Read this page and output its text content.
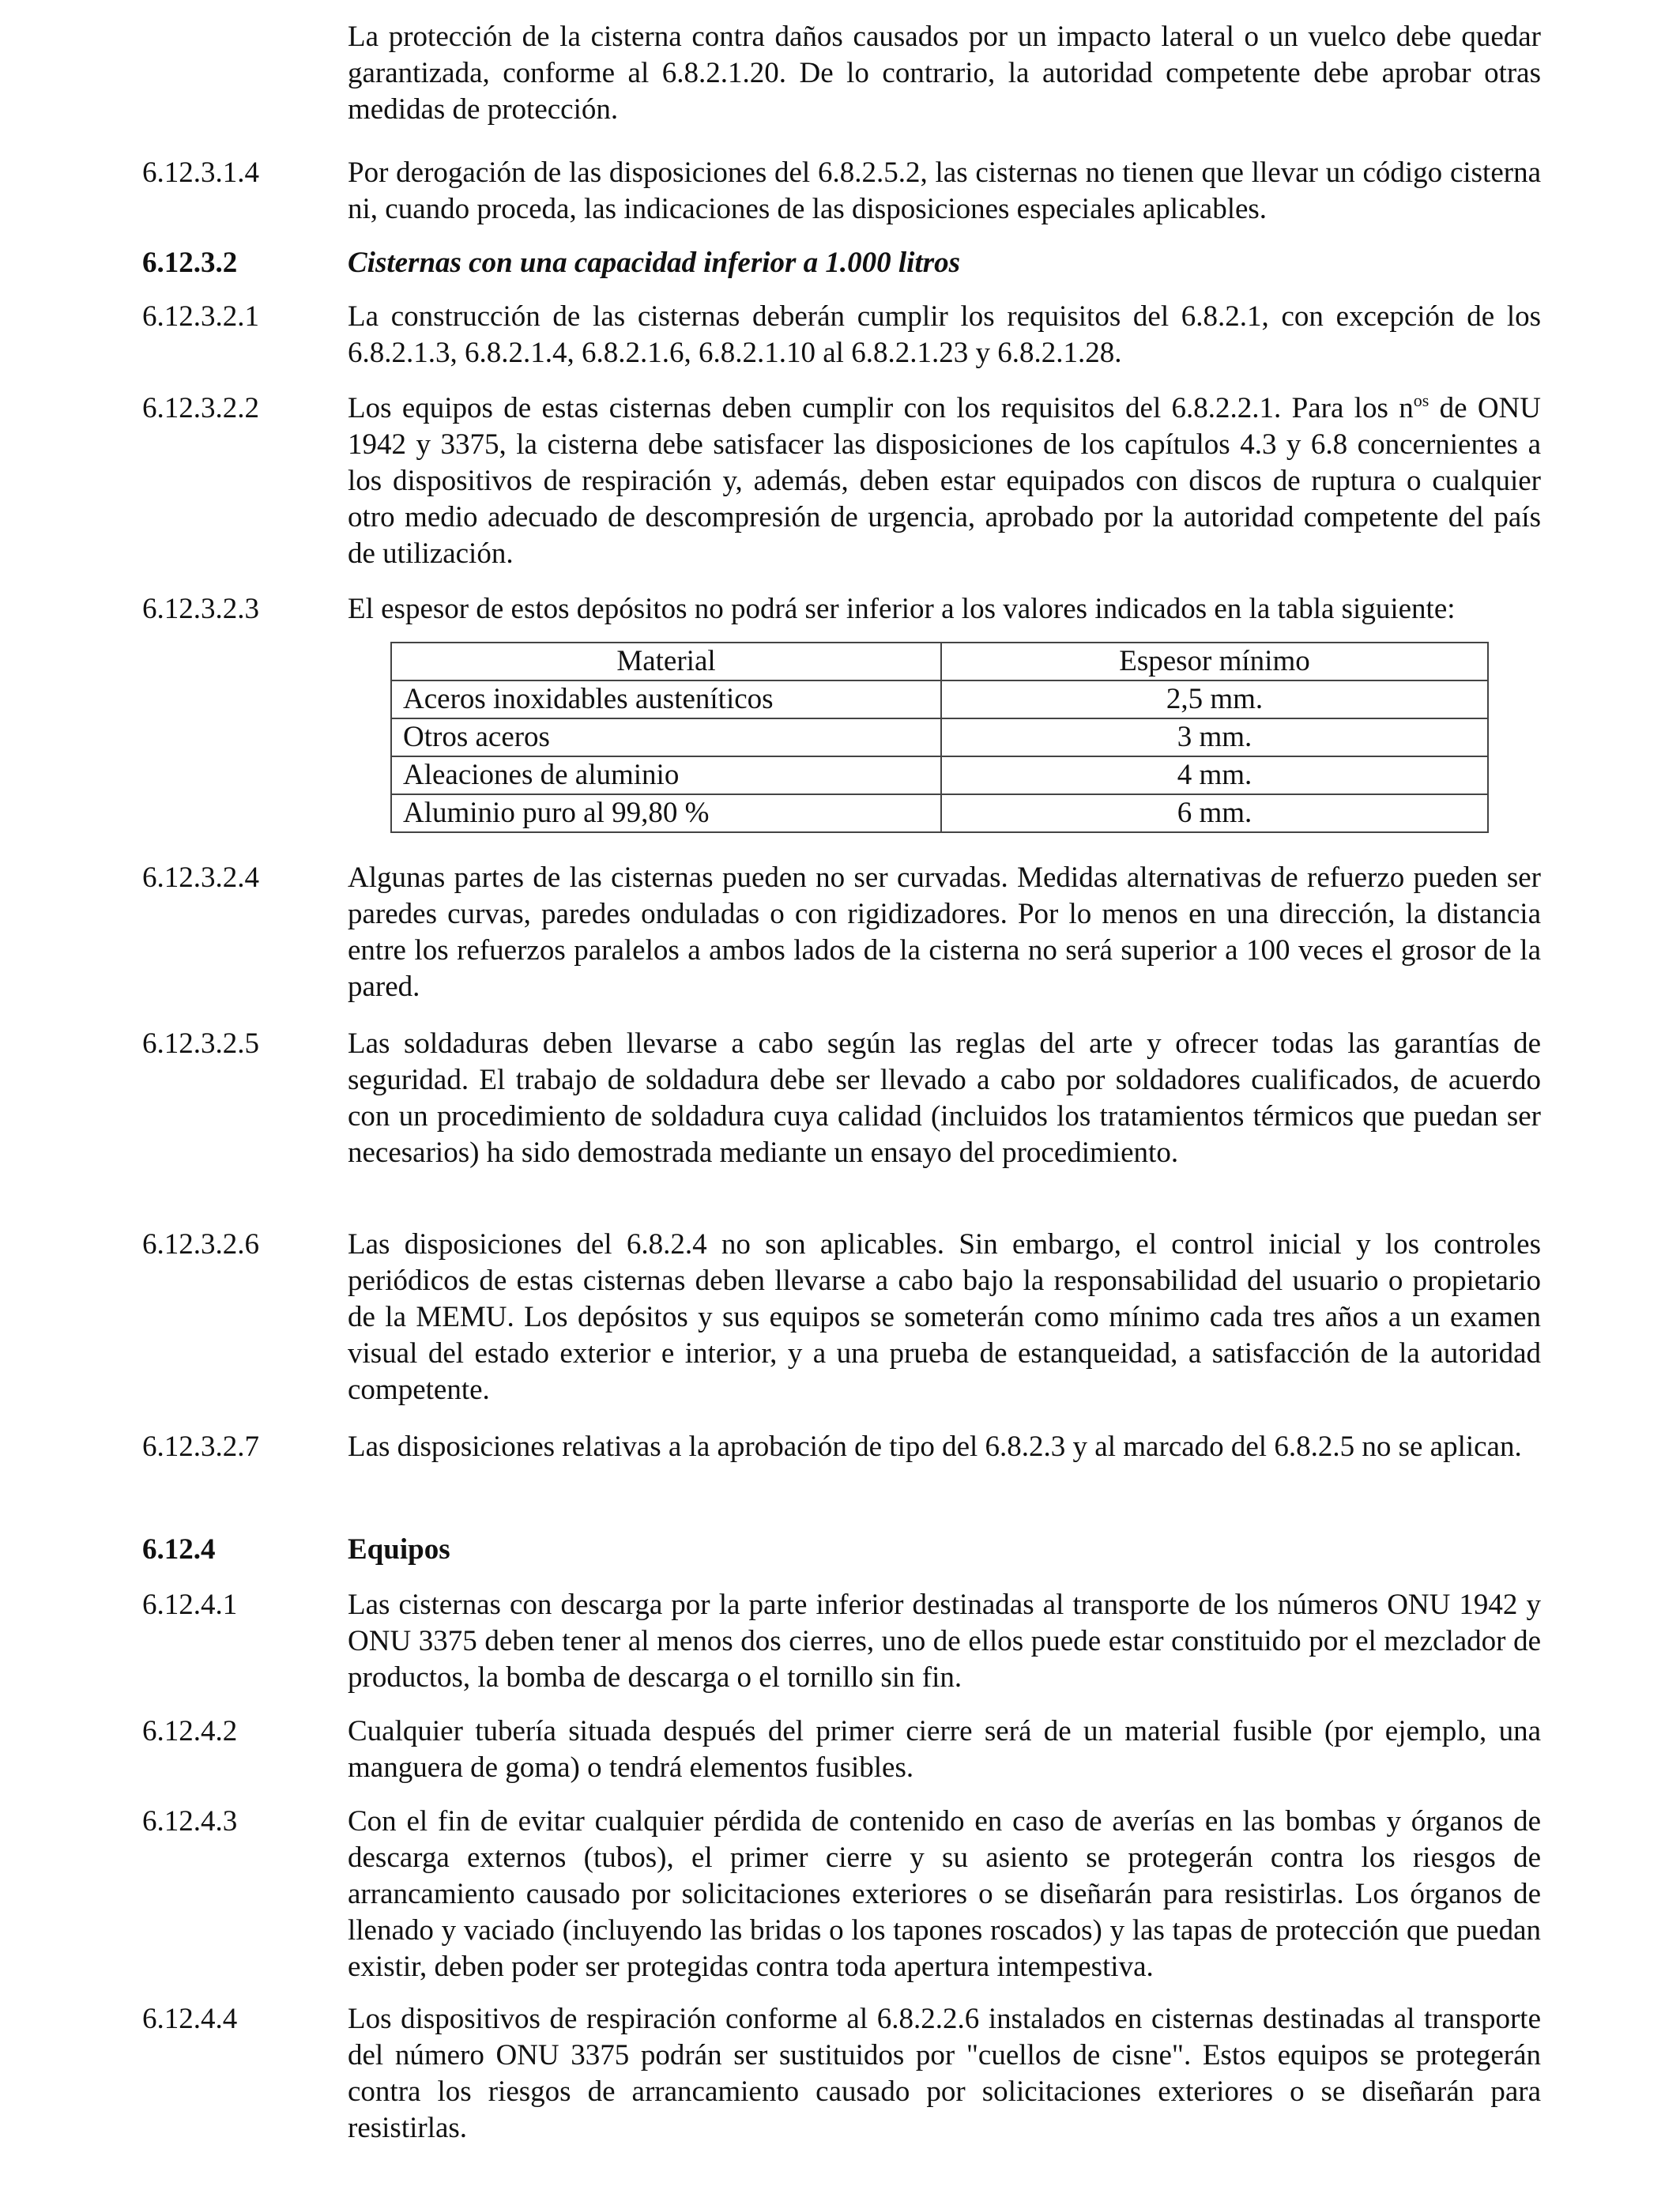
La protección de la cisterna contra daños causados por un impacto lateral o un vuelco debe quedar garantizada, conforme al 6.8.2.1.20. De lo contrario, la autoridad competente debe aprobar otras medidas de protección.
6.12.3.1.4	Por derogación de las disposiciones del 6.8.2.5.2, las cisternas no tienen que llevar un código cisterna ni, cuando proceda, las indicaciones de las disposiciones especiales aplicables.
6.12.3.2	Cisternas con una capacidad inferior a 1.000 litros
6.12.3.2.1	La construcción de las cisternas deberán cumplir los requisitos del 6.8.2.1, con excepción de los 6.8.2.1.3, 6.8.2.1.4, 6.8.2.1.6, 6.8.2.1.10 al 6.8.2.1.23 y 6.8.2.1.28.
6.12.3.2.2	Los equipos de estas cisternas deben cumplir con los requisitos del 6.8.2.2.1. Para los $n^{os}$ de ONU 1942 y 3375, la cisterna debe satisfacer las disposiciones de los capítulos 4.3 y 6.8 concernientes a los dispositivos de respiración y, además, deben estar equipados con discos de ruptura o cualquier otro medio adecuado de descompresión de urgencia, aprobado por la autoridad competente del país de utilización.
6.12.3.2.3	El espesor de estos depósitos no podrá ser inferior a los valores indicados en la tabla siguiente:
Material	Espesor mínimo
Aceros inoxidables austeníticos	2,5 mm.
Otros aceros	3 mm.
Aleaciones de aluminio	4 mm.
Aluminio puro al 99,80 %	6 mm.
6.12.3.2.4	Algunas partes de las cisternas pueden no ser curvadas. Medidas alternativas de refuerzo pueden ser paredes curvas, paredes onduladas o con rigidizadores. Por lo menos en una dirección, la distancia entre los refuerzos paralelos a ambos lados de la cisterna no será superior a 100 veces el grosor de la pared.
6.12.3.2.5	Las soldaduras deben llevarse a cabo según las reglas del arte y ofrecer todas las garantías de seguridad. El trabajo de soldadura debe ser llevado a cabo por soldadores cualificados, de acuerdo con un procedimiento de soldadura cuya calidad (incluidos los tratamientos térmicos que puedan ser necesarios) ha sido demostrada mediante un ensayo del procedimiento.
6.12.3.2.6	Las disposiciones del 6.8.2.4 no son aplicables. Sin embargo, el control inicial y los controles periódicos de estas cisternas deben llevarse a cabo bajo la responsabilidad del usuario o propietario de la MEMU. Los depósitos y sus equipos se someterán como mínimo cada tres años a un examen visual del estado exterior e interior, y a una prueba de estanqueidad, a satisfacción de la autoridad competente.
6.12.3.2.7	Las disposiciones relativas a la aprobación de tipo del 6.8.2.3 y al marcado del 6.8.2.5 no se aplican.
6.12.4	Equipos
6.12.4.1	Las cisternas con descarga por la parte inferior destinadas al transporte de los números ONU 1942 y ONU 3375 deben tener al menos dos cierres, uno de ellos puede estar constituido por el mezclador de productos, la bomba de descarga o el tornillo sin fin.
6.12.4.2	Cualquier tubería situada después del primer cierre será de un material fusible (por ejemplo, una manguera de goma) o tendrá elementos fusibles.
6.12.4.3	Con el fin de evitar cualquier pérdida de contenido en caso de averías en las bombas y órganos de descarga externos (tubos), el primer cierre y su asiento se protegerán contra los riesgos de arrancamiento causado por solicitaciones exteriores o se diseñarán para resistirlas. Los órganos de llenado y vaciado (incluyendo las bridas o los tapones roscados) y las tapas de protección que puedan existir, deben poder ser protegidas contra toda apertura intempestiva.
6.12.4.4	Los dispositivos de respiración conforme al 6.8.2.2.6 instalados en cisternas destinadas al transporte del número ONU 3375 podrán ser sustituidos por "cuellos de cisne". Estos equipos se protegerán contra los riesgos de arrancamiento causado por solicitaciones exteriores o se diseñarán para resistirlas.
